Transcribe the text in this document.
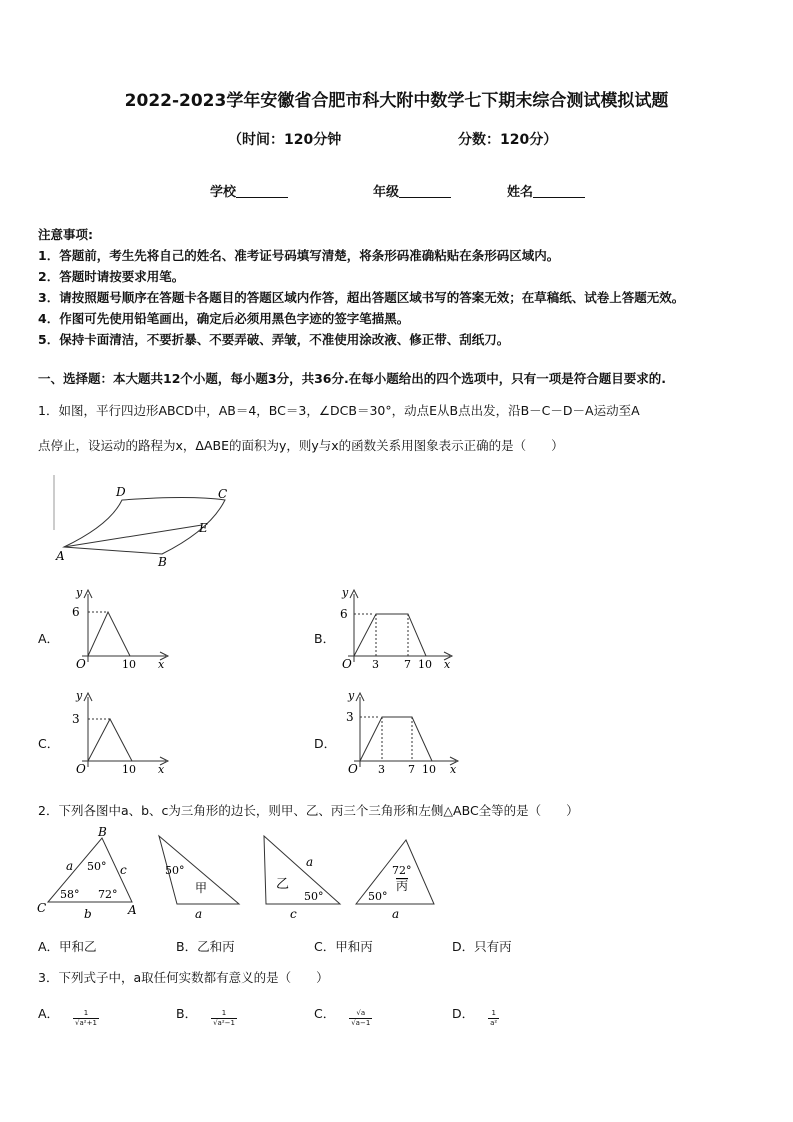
2022-2023学年安徽省合肥市科大附中数学七下期末综合测试模拟试题
（时间：120分钟	分数：120分）
学校	年级	姓名
注意事项:
1．答题前，考生先将自己的姓名、准考证号码填写清楚，将条形码准确粘贴在条形码区域内。
2．答题时请按要求用笔。
3．请按照题号顺序在答题卡各题目的答题区域内作答，超出答题区域书写的答案无效；在草稿纸、试卷上答题无效。
4．作图可先使用铅笔画出，确定后必须用黑色字迹的签字笔描黑。
5．保持卡面清洁，不要折暴、不要弄破、弄皱，不准使用涂改液、修正带、刮纸刀。
一、选择题：本大题共12个小题，每小题3分，共36分.在每小题给出的四个选项中，只有一项是符合题目要求的.
1．如图，平行四边形ABCD中，AB＝4，BC＝3，∠DCB＝30°，动点E从B点出发，沿B－C－D－A运动至A
点停止，设运动的路程为x，ΔABE的面积为y，则y与x的函数关系用图象表示正确的是（　　）
D	C
E
A	B
A．
y
6
O	10 x
B．
y
6
O 3 7 10 x
C．
y
3
O	10 x
D．
y
3
O 3 7 10 x
2．下列各图中a、b、c为三角形的边长，则甲、乙、丙三个三角形和左侧△ABC全等的是（　　）
B
C	A
a	c
b
50°
58° 72°
50°
甲
a
a
乙
50°
c
72°
丙
50°
a
A．甲和乙	B．乙和丙	C．甲和丙	D．只有丙
3．下列式子中，a取任何实数都有意义的是（　　）
A． $\frac{1}{\text{√a²+1}}$	B． $\frac{1}{\text{√a²−1}}$	C． $\frac{√a}{√a-1}$	D． $\frac{1}{\text{a²}}$
